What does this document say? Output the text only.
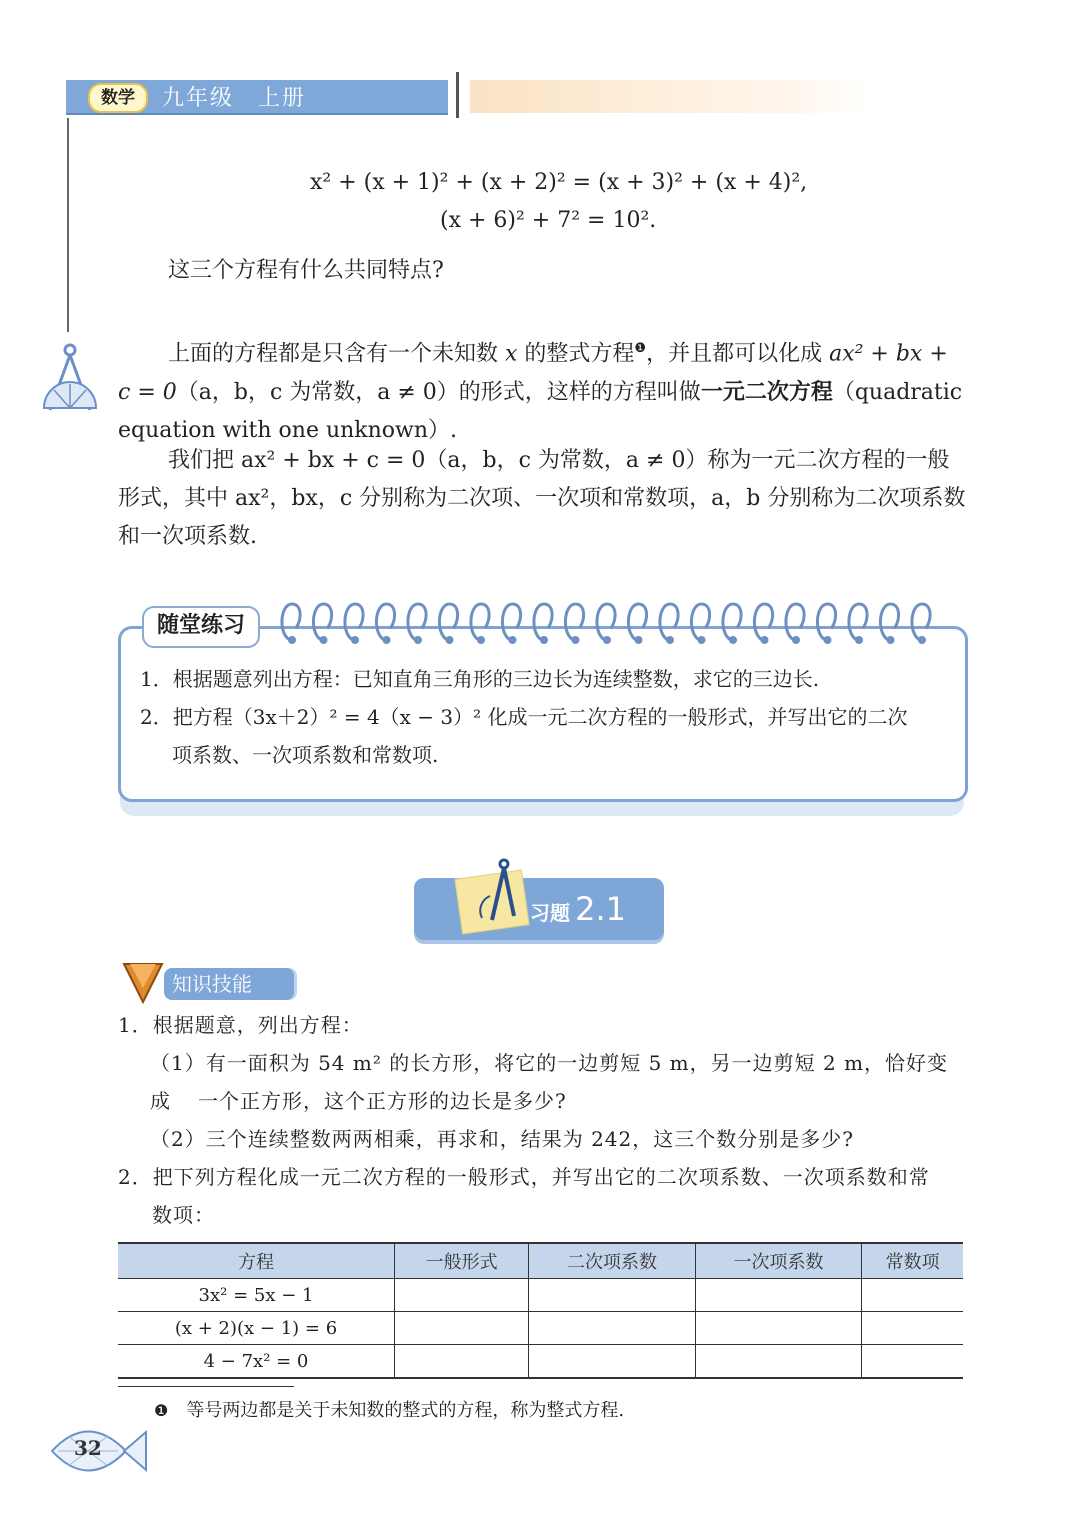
数学	九年级　上册
x² + (x + 1)² + (x + 2)² = (x + 3)² + (x + 4)²,
(x + 6)² + 7² = 10².
这三个方程有什么共同特点?
上面的方程都是只含有一个未知数 x 的整式方程$^❶$，并且都可以化成 ax² + bx + c = 0（a，b，c 为常数，a ≠ 0）的形式，这样的方程叫做一元二次方程（quadratic equation with one unknown）.
我们把 ax² + bx + c = 0（a，b，c 为常数，a ≠ 0）称为一元二次方程的一般形式，其中 ax²，bx，c 分别称为二次项、一次项和常数项，a，b 分别称为二次项系数和一次项系数.
随堂练习
1．根据题意列出方程：已知直角三角形的三边长为连续整数，求它的三边长.
2．把方程（3x＋2）² = 4（x − 3）² 化成一元二次方程的一般形式，并写出它的二次
项系数、一次项系数和常数项.
习题 2.1
知识技能
1．根据题意，列出方程：
（1）有一面积为 54 m² 的长方形，将它的一边剪短 5 m，另一边剪短 2 m，恰好变成	一个正方形，这个正方形的边长是多少?
（2）三个连续整数两两相乘，再求和，结果为 242，这三个数分别是多少?
2．把下列方程化成一元二次方程的一般形式，并写出它的二次项系数、一次项系数和常
数项：
方程	一般形式	二次项系数	一次项系数	常数项
3x² = 5x − 1				
(x + 2)(x − 1) = 6				
4 − 7x² = 0				
❶　 等号两边都是关于未知数的整式的方程，称为整式方程.
32
